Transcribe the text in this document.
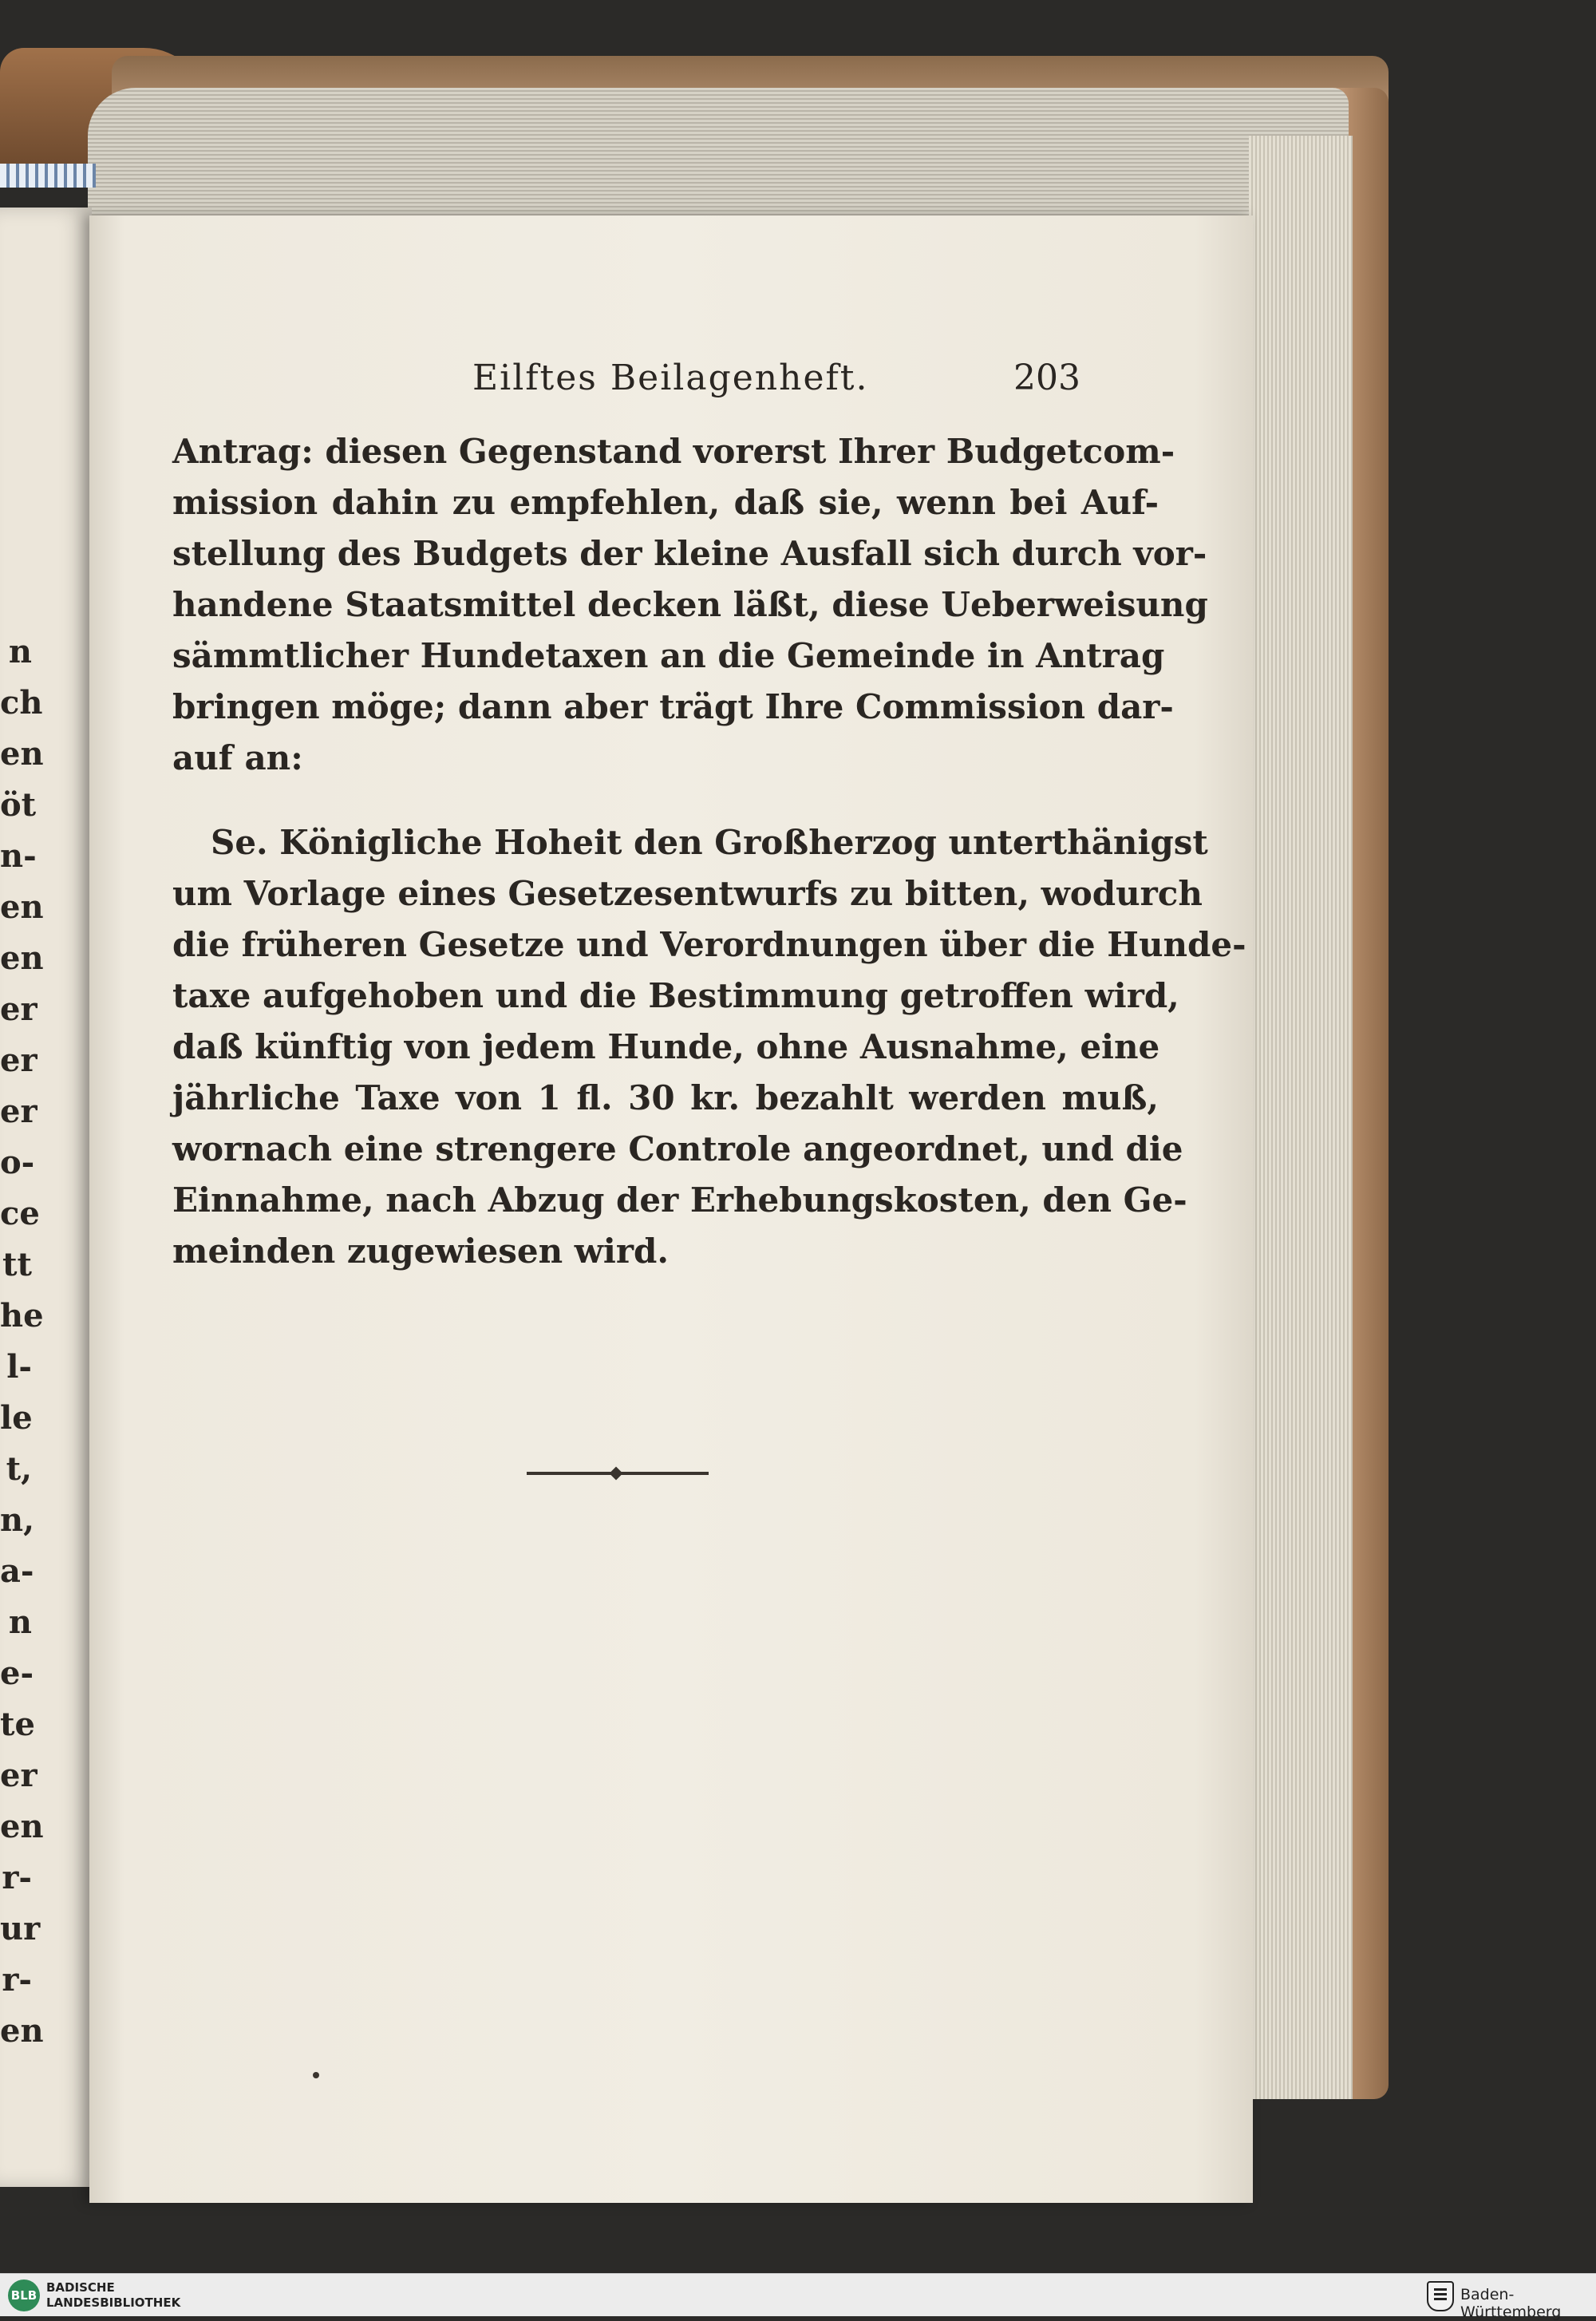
n
ch
en
öt
n-
en
en
er
er
er
o-
ce
tt
he
l-
le
t,
n,
a-
n
e-
te
er
en
r-
ur
r-
en
Eilftes Beilagenheft.	203
Antrag: diesen Gegenstand vorerst Ihrer Budgetcom-
mission dahin zu empfehlen, daß sie, wenn bei Auf-
stellung des Budgets der kleine Ausfall sich durch vor-
handene Staatsmittel decken läßt, diese Ueberweisung
sämmtlicher Hundetaxen an die Gemeinde in Antrag
bringen möge; dann aber trägt Ihre Commission dar-
auf an:
Se. Königliche Hoheit den Großherzog unterthänigst
um Vorlage eines Gesetzesentwurfs zu bitten, wodurch
die früheren Gesetze und Verordnungen über die Hunde-
taxe aufgehoben und die Bestimmung getroffen wird,
daß künftig von jedem Hunde, ohne Ausnahme, eine
jährliche Taxe von 1 fl. 30 kr. bezahlt werden muß,
wornach eine strengere Controle angeordnet, und die
Einnahme, nach Abzug der Erhebungskosten, den Ge-
meinden zugewiesen wird.
BLB
BADISCHE
LANDESBIBLIOTHEK	Baden-Württemberg
